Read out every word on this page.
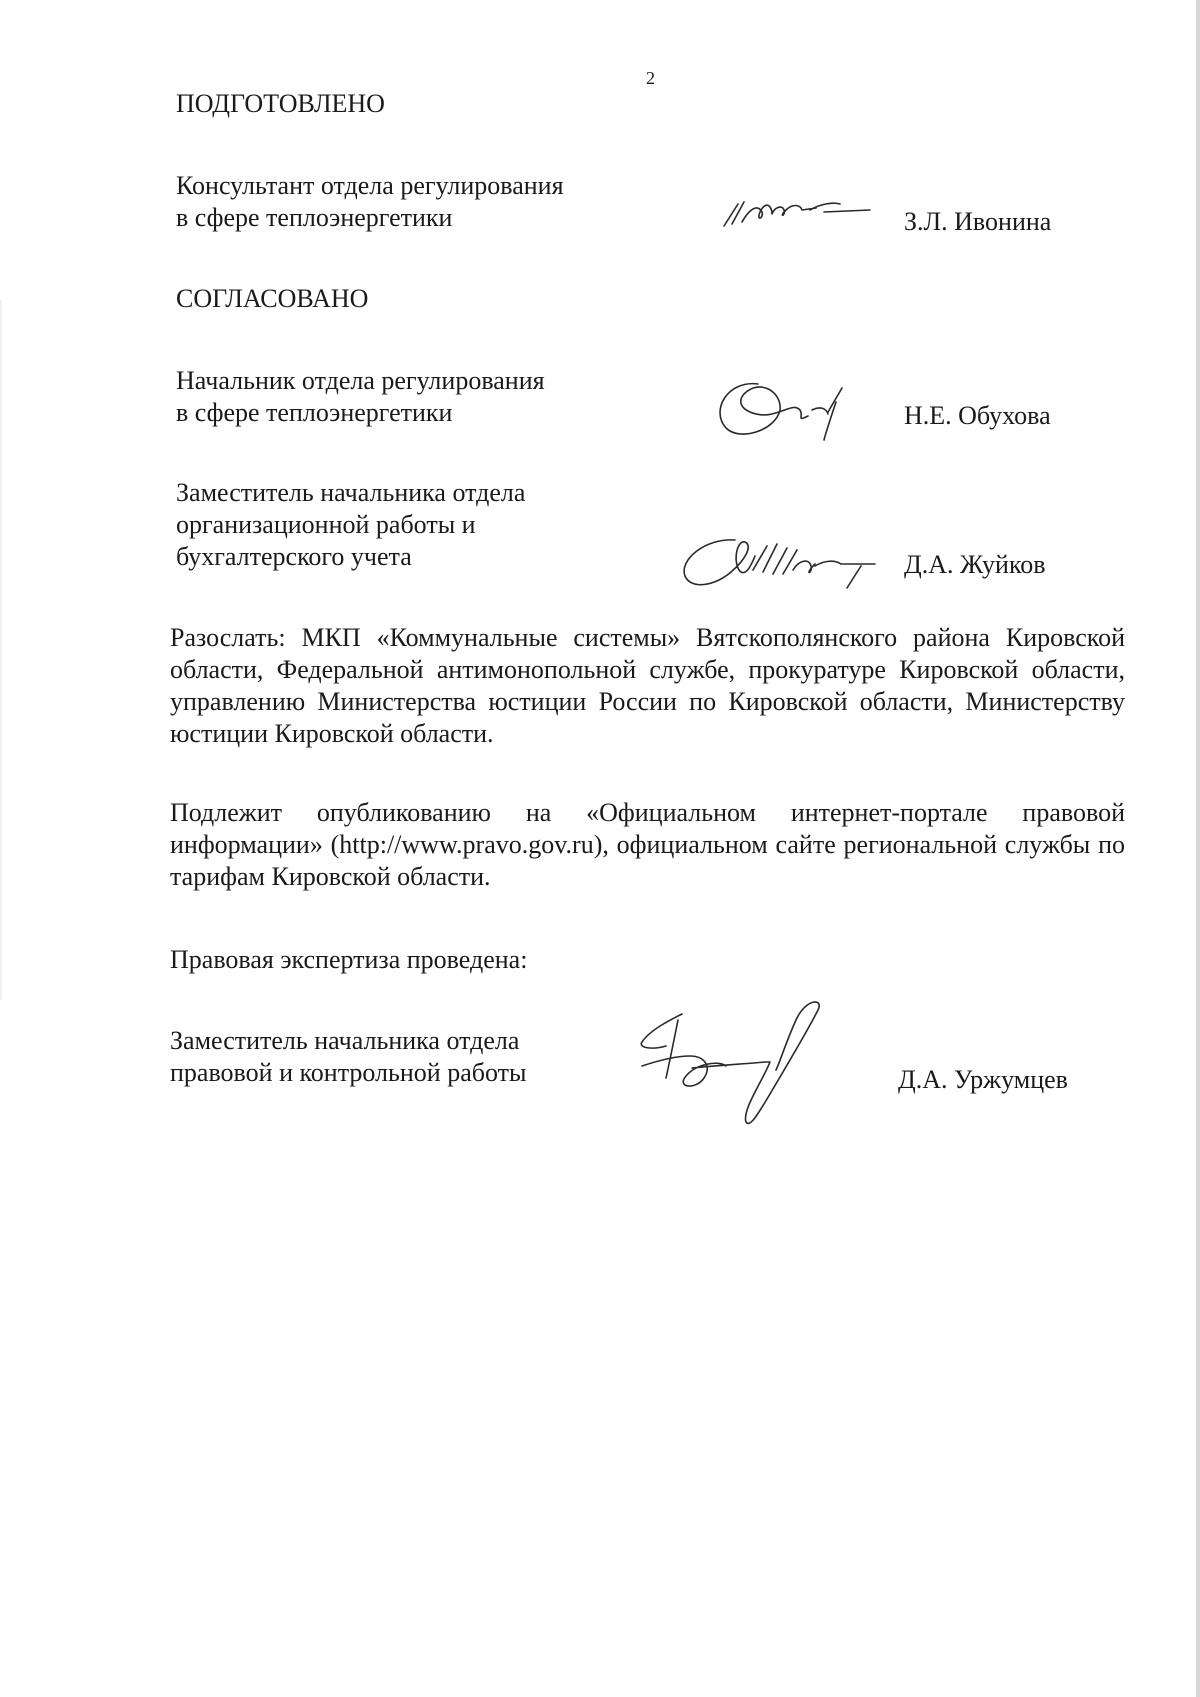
2
ПОДГОТОВЛЕНО
Консультант отдела регулирования
в сфере теплоэнергетики	З.Л. Ивонина
СОГЛАСОВАНО
Начальник отдела регулирования
в сфере теплоэнергетики	Н.Е. Обухова
Заместитель начальника отдела
организационной работы и
бухгалтерского учета	Д.А. Жуйков
Разослать: МКП «Коммунальные системы» Вятскополянского района Кировской области, Федеральной антимонопольной службе, прокуратуре Кировской области, управлению Министерства юстиции России по Кировской области, Министерству юстиции Кировской области.
Подлежит опубликованию на «Официальном интернет-портале правовой информации» (http://www.pravo.gov.ru), официальном сайте региональной службы по тарифам Кировской области.
Правовая экспертиза проведена:
Заместитель начальника отдела
правовой и контрольной работы	Д.А. Уржумцев
